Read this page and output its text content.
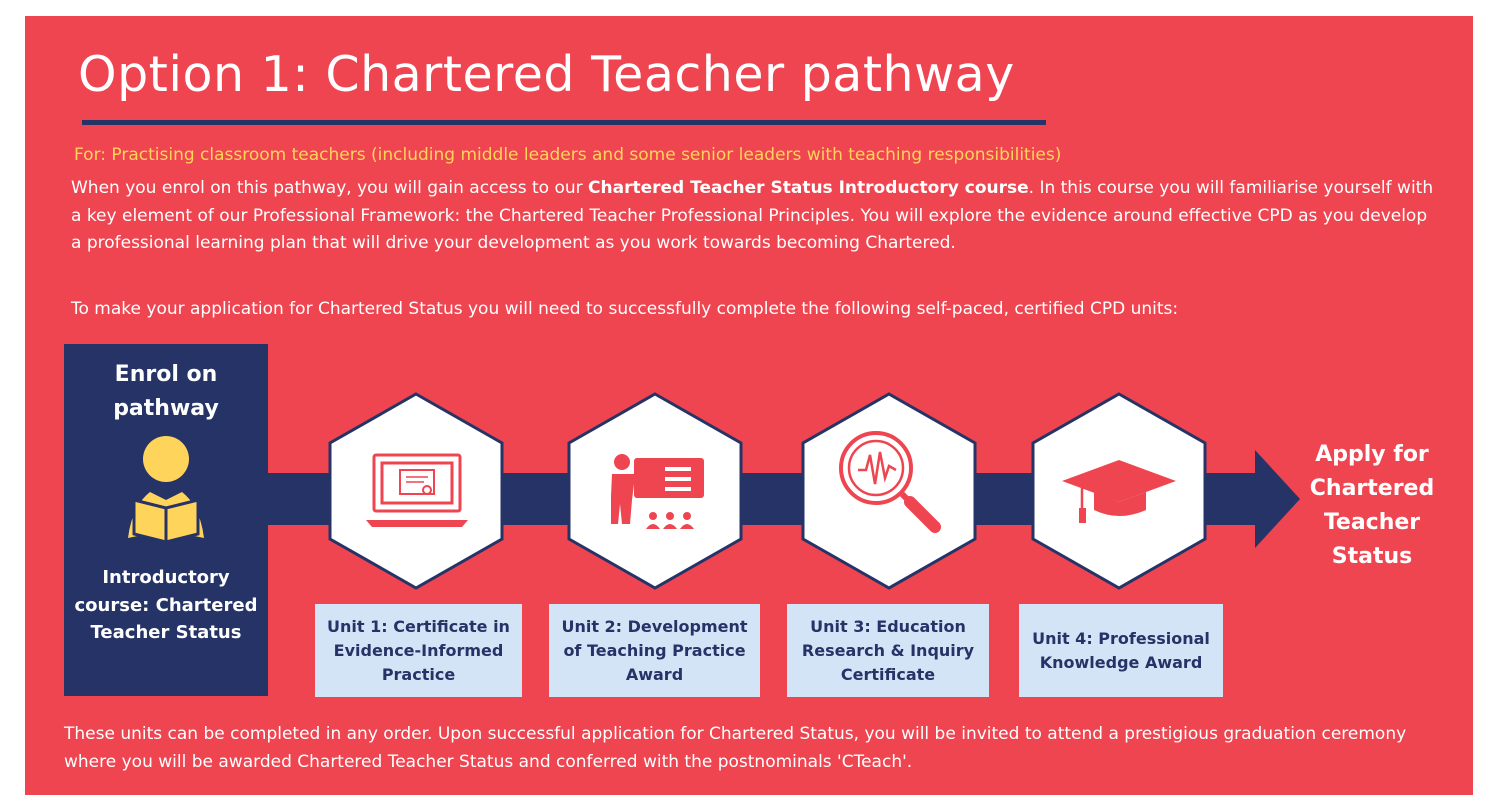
Option 1: Chartered Teacher pathway
For: Practising classroom teachers (including middle leaders and some senior leaders with teaching responsibilities)
When you enrol on this pathway, you will gain access to our Chartered Teacher Status Introductory course. In this course you will familiarise yourself with a key element of our Professional Framework: the Chartered Teacher Professional Principles. You will explore the evidence around effective CPD as you develop a professional learning plan that will drive your development as you work towards becoming Chartered.
To make your application for Chartered Status you will need to successfully complete the following self-paced, certified CPD units:
Enrol on pathway
Introductory course: Chartered Teacher Status	Unit 1: Certificate in Evidence-Informed Practice
Unit 2: Development of Teaching Practice Award
Unit 3: Education Research & Inquiry Certificate
Unit 4: Professional Knowledge Award
Apply for Chartered Teacher Status
These units can be completed in any order. Upon successful application for Chartered Status, you will be invited to attend a prestigious graduation ceremony where you will be awarded Chartered Teacher Status and conferred with the postnominals 'CTeach'.
